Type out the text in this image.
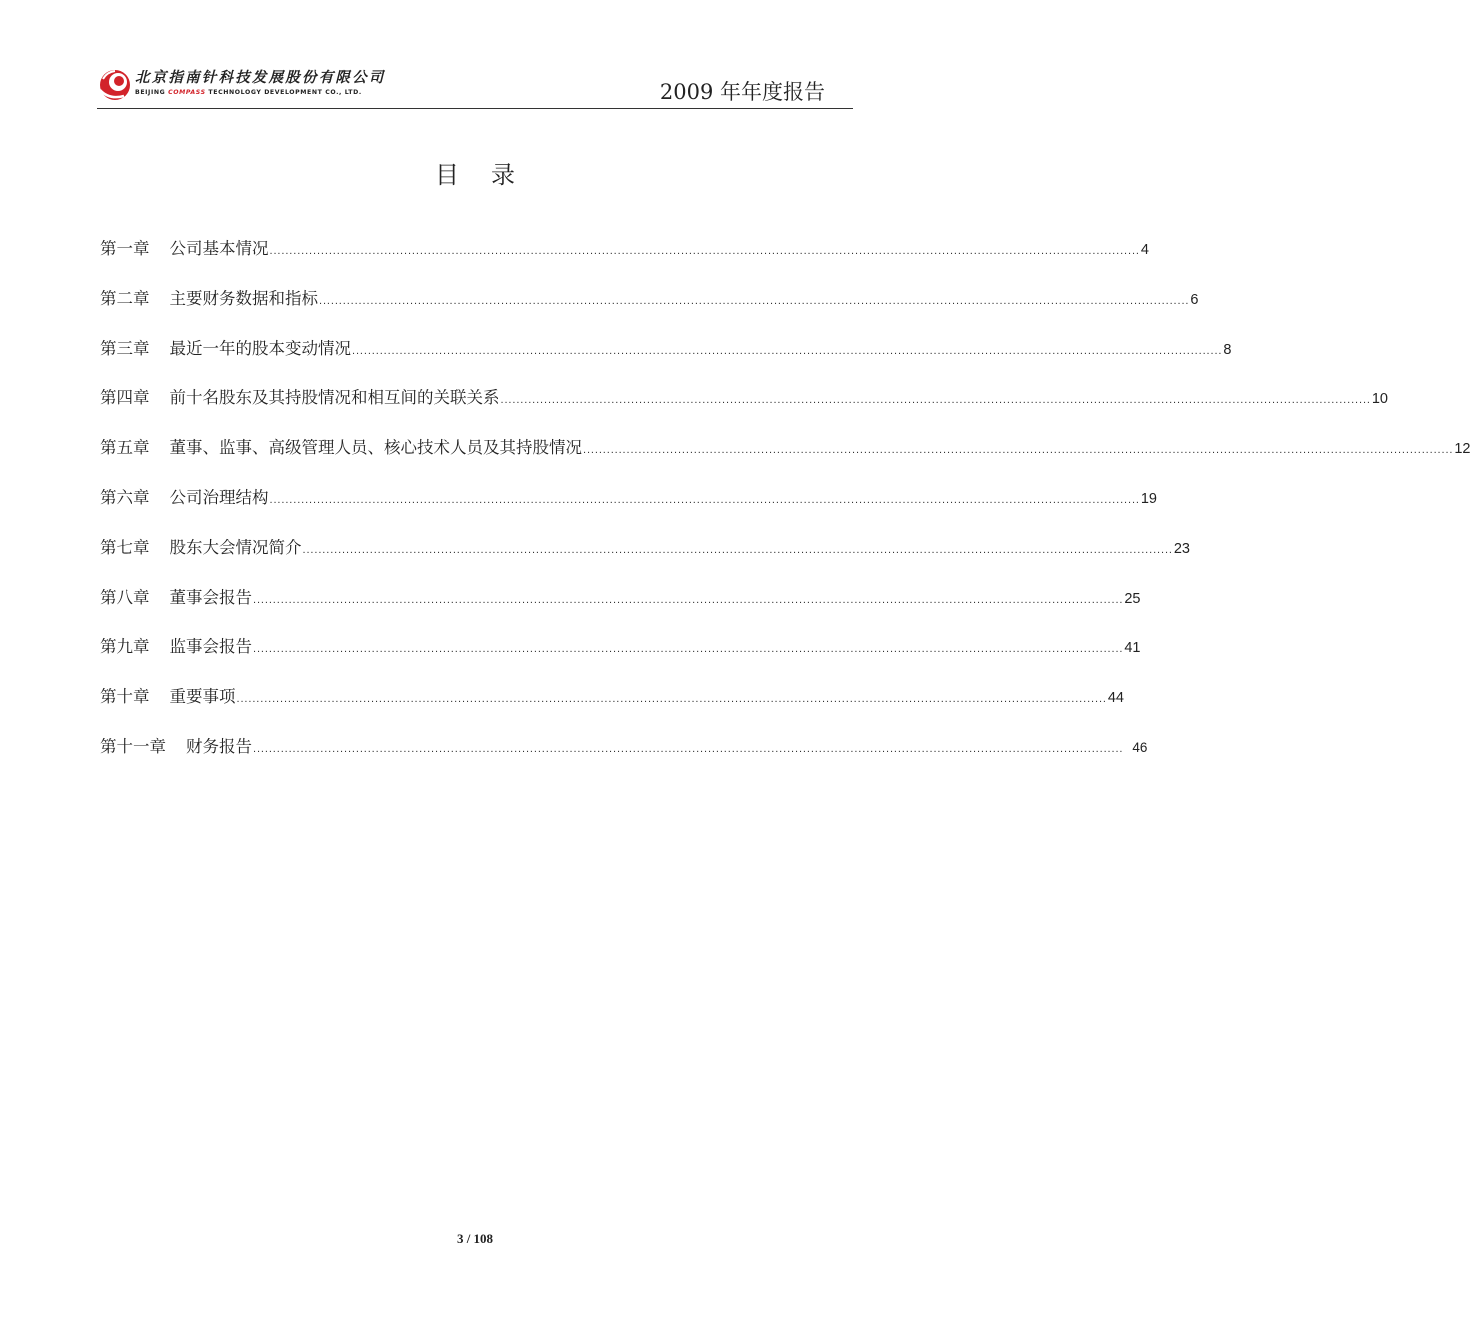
北京指南针科技发展股份有限公司
BEIJING COMPASS TECHNOLOGY DEVELOPMENT CO., LTD.	2009 年年度报告
目录
第一章 公司基本情况 ............................................................................................................................................................................................................................ 4
第二章 主要财务数据和指标 ............................................................................................................................................................................................................................ 6
第三章 最近一年的股本变动情况 ............................................................................................................................................................................................................................ 8
第四章 前十名股东及其持股情况和相互间的关联关系 ............................................................................................................................................................................................................................ 10
第五章 董事、监事、高级管理人员、核心技术人员及其持股情况 ............................................................................................................................................................................................................................ 12
第六章 公司治理结构 ............................................................................................................................................................................................................................ 19
第七章 股东大会情况简介 ............................................................................................................................................................................................................................ 23
第八章 董事会报告 ............................................................................................................................................................................................................................ 25
第九章 监事会报告 ............................................................................................................................................................................................................................ 41
第十章 重要事项 ............................................................................................................................................................................................................................ 44
第十一章 财务报告 ............................................................................................................................................................................................................................ 46
3 / 108
